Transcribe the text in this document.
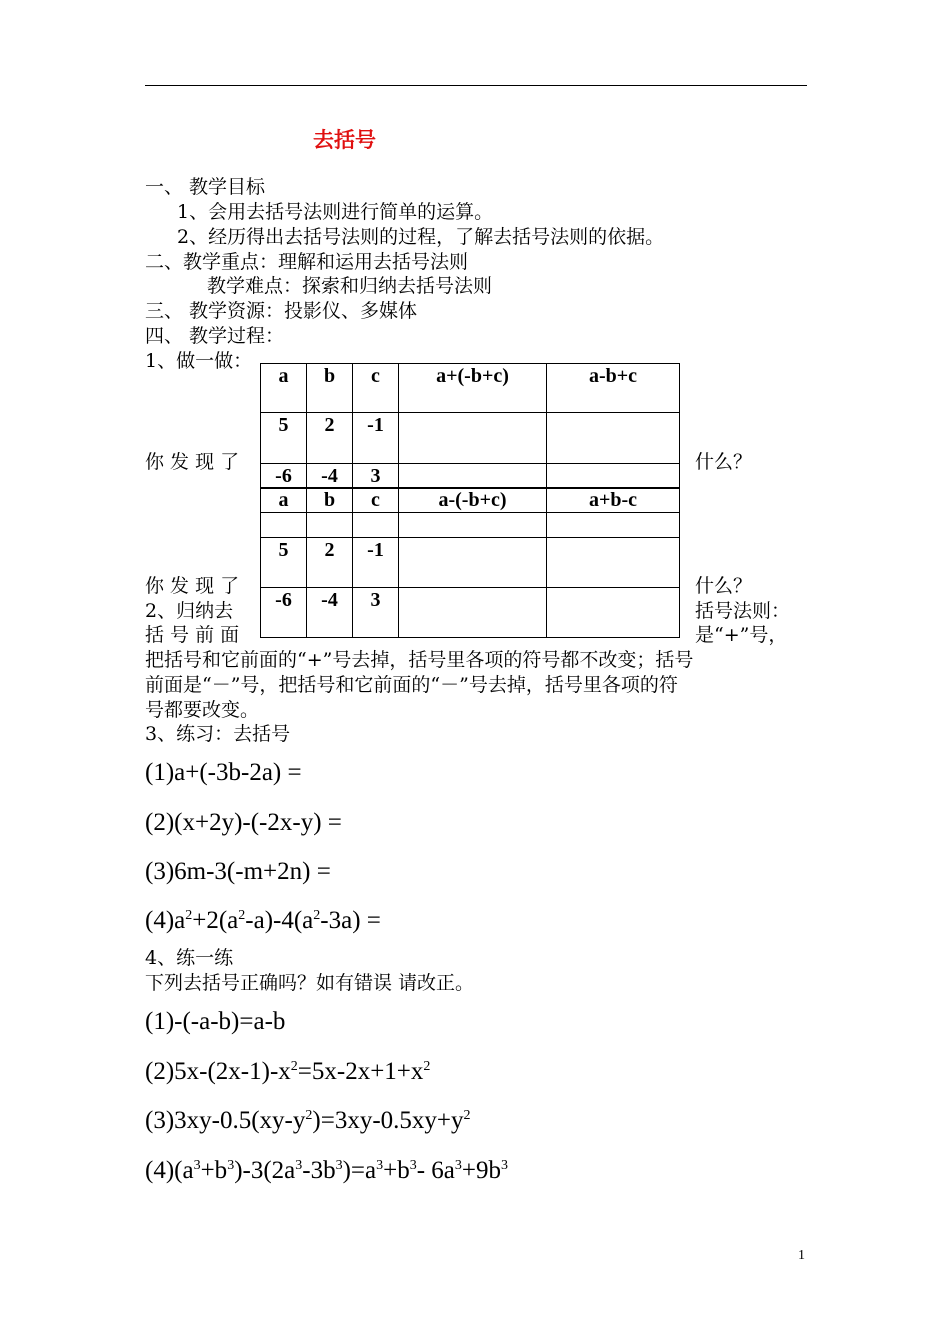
去括号
一、 教学目标
1、会用去括号法则进行简单的运算。
2、经历得出去括号法则的过程，了解去括号法则的依据。
二、教学重点：理解和运用去括号法则
教学难点：探索和归纳去括号法则
三、 教学资源：投影仪、多媒体
四、 教学过程：
1、做一做：
a	b	c	a+(-b+c)	a-b+c
5	2	-1		
-6	-4	3		
你 发 现 了	什么？
a	b	c	a-(-b+c)	a+b-c

5	2	-1		
-6	-4	3		
你 发 现 了	什么？
2、归纳去	括号法则：
括 号 前 面	是“+”号，
把括号和它前面的“+”号去掉，括号里各项的符号都不改变；括号
前面是“－”号，把括号和它前面的“－”号去掉，括号里各项的符
号都要改变。
3、练习：去括号
(1)a+(-3b-2a) =
(2)(x+2y)-(-2x-y) =
(3)6m-3(-m+2n) =
$(4)a^2+2(a^2-a)-4(a^2-3a)$ =
4、练一练
下列去括号正确吗？如有错误 请改正。
(1)-(-a-b)=a-b
$(2)5x-(2x-1)-x^2=5x-2x+1+x^2$
$(3)3xy-0.5(xy-y^2)=3xy-0.5xy+y^2$
$(4)(a^3+b^3)-3(2a^3-3b^3)=a^3+b^3-$ $6a^3+9b^3$
1
